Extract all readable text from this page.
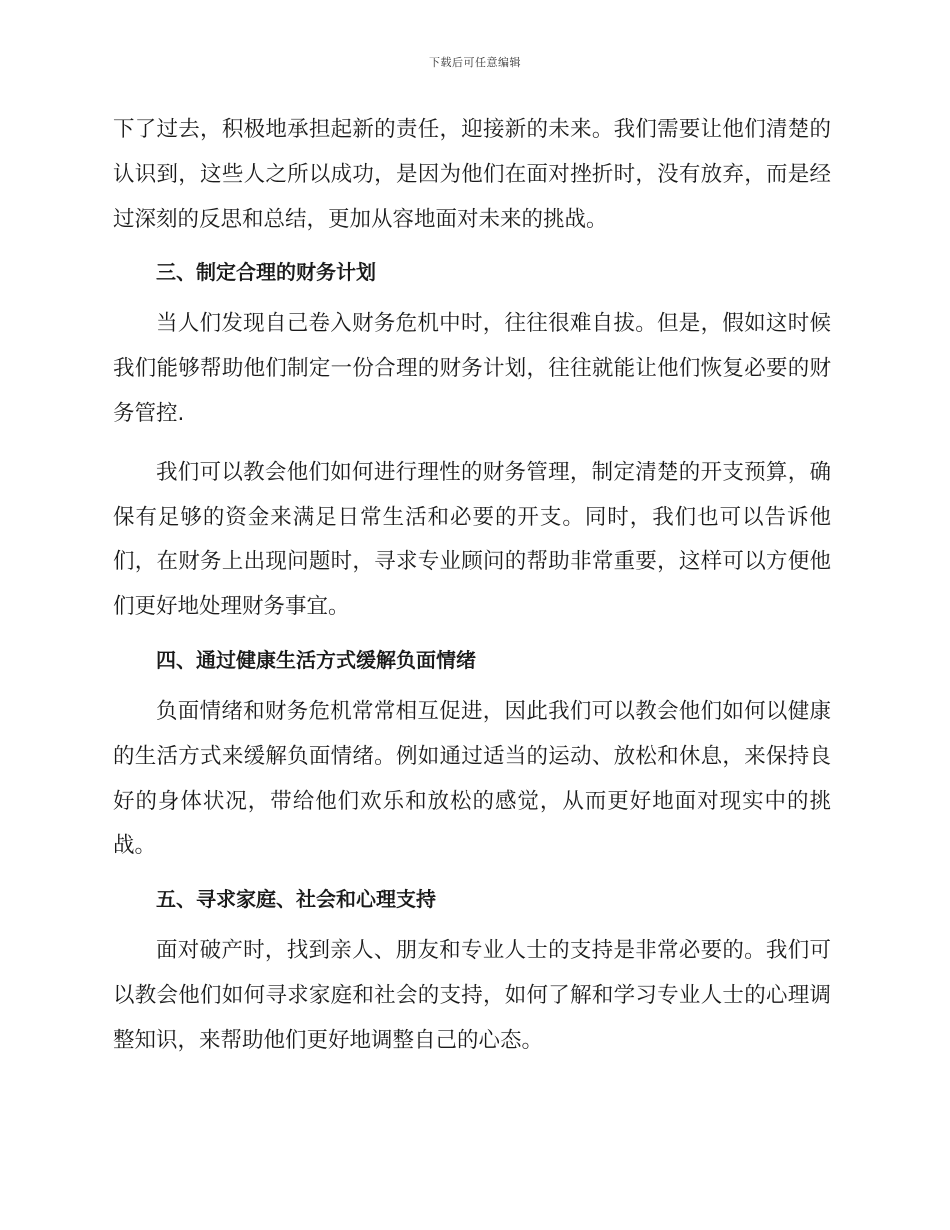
下载后可任意编辑

下了过去，积极地承担起新的责任，迎接新的未来。我们需要让他们清楚的认识到，这些人之所以成功，是因为他们在面对挫折时，没有放弃，而是经过深刻的反思和总结，更加从容地面对未来的挑战。

三、制定合理的财务计划

当人们发现自己卷入财务危机中时，往往很难自拔。但是，假如这时候我们能够帮助他们制定一份合理的财务计划，往往就能让他们恢复必要的财务管控.

我们可以教会他们如何进行理性的财务管理，制定清楚的开支预算，确保有足够的资金来满足日常生活和必要的开支。同时，我们也可以告诉他们，在财务上出现问题时，寻求专业顾问的帮助非常重要，这样可以方便他们更好地处理财务事宜。

四、通过健康生活方式缓解负面情绪

负面情绪和财务危机常常相互促进，因此我们可以教会他们如何以健康的生活方式来缓解负面情绪。例如通过适当的运动、放松和休息，来保持良好的身体状况，带给他们欢乐和放松的感觉，从而更好地面对现实中的挑战。

五、寻求家庭、社会和心理支持

面对破产时，找到亲人、朋友和专业人士的支持是非常必要的。我们可以教会他们如何寻求家庭和社会的支持，如何了解和学习专业人士的心理调整知识，来帮助他们更好地调整自己的心态。
